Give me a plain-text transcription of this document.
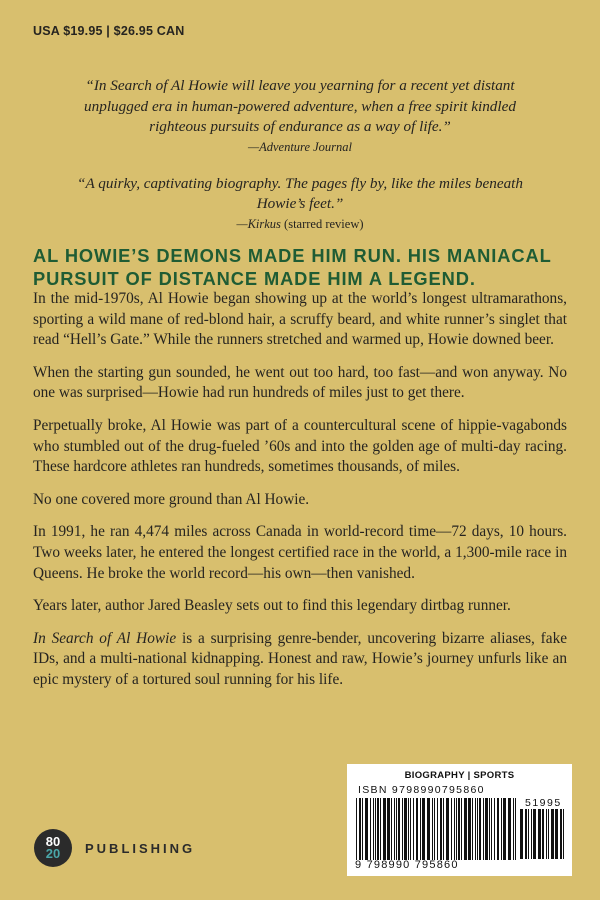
USA $19.95 | $26.95 CAN

“In Search of Al Howie will leave you yearning for a recent yet distant unplugged era in human-powered adventure, when a free spirit kindled righteous pursuits of endurance as a way of life.”

—Adventure Journal

“A quirky, captivating biography. The pages fly by, like the miles beneath Howie’s feet.”

—Kirkus (starred review)

AL HOWIE’S DEMONS MADE HIM RUN. HIS MANIACAL PURSUIT OF DISTANCE MADE HIM A LEGEND.

In the mid-1970s, Al Howie began showing up at the world’s longest ultramarathons, sporting a wild mane of red-blond hair, a scruffy beard, and white runner’s singlet that read “Hell’s Gate.” While the runners stretched and warmed up, Howie downed beer.

When the starting gun sounded, he went out too hard, too fast—and won anyway. No one was surprised—Howie had run hundreds of miles just to get there.

Perpetually broke, Al Howie was part of a countercultural scene of hippie-vagabonds who stumbled out of the drug-fueled ’60s and into the golden age of multi-day racing. These hardcore athletes ran hundreds, sometimes thousands, of miles.

No one covered more ground than Al Howie.

In 1991, he ran 4,474 miles across Canada in world-record time—72 days, 10 hours. Two weeks later, he entered the longest certified race in the world, a 1,300-mile race in Queens. He broke the world record—his own—then vanished.

Years later, author Jared Beasley sets out to find this legendary dirtbag runner.

In Search of Al Howie is a surprising genre-bender, uncovering bizarre aliases, fake IDs, and a multi-national kidnapping. Honest and raw, Howie’s journey unfurls like an epic mystery of a tortured soul running for his life.

80
20 PUBLISHING
BIOGRAPHY | SPORTS
ISBN 9798990795860
51995
9 798990 795860
